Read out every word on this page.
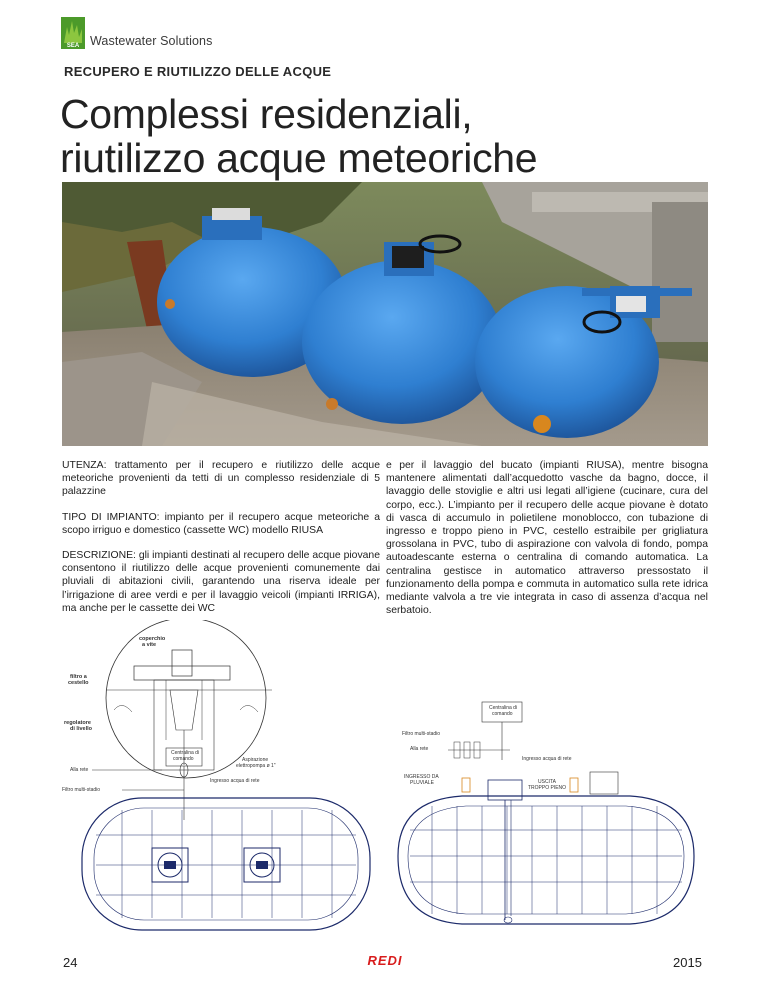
SEA Wastewater Solutions
RECUPERO E RIUTILIZZO DELLE ACQUE
Complessi residenziali,
riutilizzo acque meteoriche

UTENZA: trattamento per il recupero e riutilizzo delle acque meteoriche provenienti da tetti di un complesso residenziale di 5 palazzine

TIPO DI IMPIANTO: impianto per il recupero acque meteoriche a scopo irriguo e domestico (cassette WC) modello RIUSA

DESCRIZIONE: gli impianti destinati al recupero delle acque piovane consentono il riutilizzo delle acque provenienti comunemente dai pluviali di abitazioni civili, garantendo una riserva ideale per l’irrigazione di aree verdi e per il lavaggio veicoli (impianti IRRIGA), ma anche per le cassette dei WC

e per il lavaggio del bucato (impianti RIUSA), mentre bisogna mantenere alimentati dall’acquedotto vasche da bagno, docce, il lavaggio delle stoviglie e altri usi legati all’igiene (cucinare, cura del corpo, ecc.). L’impianto per il recupero delle acque piovane è dotato di vasca di accumulo in polietilene monoblocco, con tubazione di ingresso e troppo pieno in PVC, cestello estraibile per grigliatura grossolana in PVC, tubo di aspirazione con valvola di fondo, pompa autoadescante esterna o centralina di comando automatica. La centralina gestisce in automatico attraverso pressostato il funzionamento della pompa e commuta in automatico sulla rete idrica mediante valvola a tre vie integrata in caso di assenza d’acqua nel serbatoio.

coperchio
a vite
filtro a
cestello
regolatore
di livello
Centralina di
comando	Aspirazione
elettropompa ø 1"
Alla rete
Ingresso acqua di rete
Filtro multi-stadio
Centralina di
comando
Filtro multi-stadio
Alla rete
Ingresso acqua di rete
INGRESSO DA
PLUVIALE	USCITA
TROPPO PIENO
24	REDI	2015
